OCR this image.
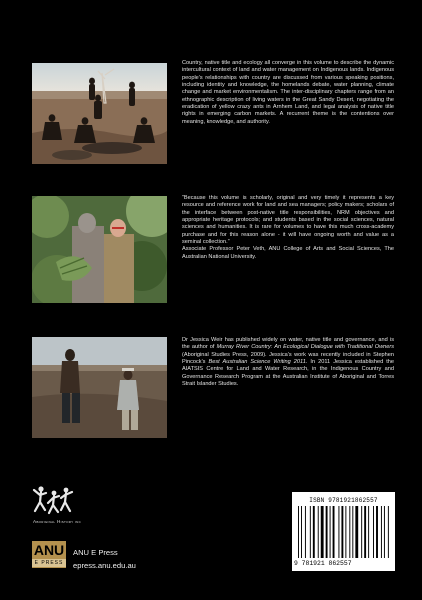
Country, native title and ecology all converge in this volume to describe the dynamic intercultural context of land and water management on Indigenous lands. Indigenous people's relationships with country are discussed from various speaking positions, including identity and knowledge, the homelands debate, water planning, climate change and market environmentalism. The inter-disciplinary chapters range from an ethnographic description of living waters in the Great Sandy Desert, negotiating the eradication of yellow crazy ants in Arnhem Land, and legal analysis of native title rights in emerging carbon markets. A recurrent theme is the contentions over meaning, knowledge, and authority.
“Because this volume is scholarly, original and very timely it represents a key resource and reference work for land and sea managers; policy makers; scholars of the interface between post-native title responsibilities, NRM objectives and appropriate heritage protocols; and students based in the social sciences, natural sciences and humanities. It is rare for volumes to have this much cross-academy purchase and for this reason alone - it will have ongoing worth and value as a seminal collection.”
Associate Professor Peter Veth, ANU College of Arts and Social Sciences, The Australian National University.
Dr Jessica Weir has published widely on water, native title and governance, and is the author of Murray River Country: An Ecological Dialogue with Traditional Owners (Aboriginal Studies Press, 2009). Jessica's work was recently included in Stephen Pincock's Best Australian Science Writing 2011. In 2011 Jessica established the AIATSIS Centre for Land and Water Research, in the Indigenous Country and Governance Research Program at the Australian Institute of Aboriginal and Torres Strait Islander Studies.
Aboriginal History inc
ANU
E PRESS
ANU E Press
epress.anu.edu.au
ISBN 9781921862557
9 781921 862557
